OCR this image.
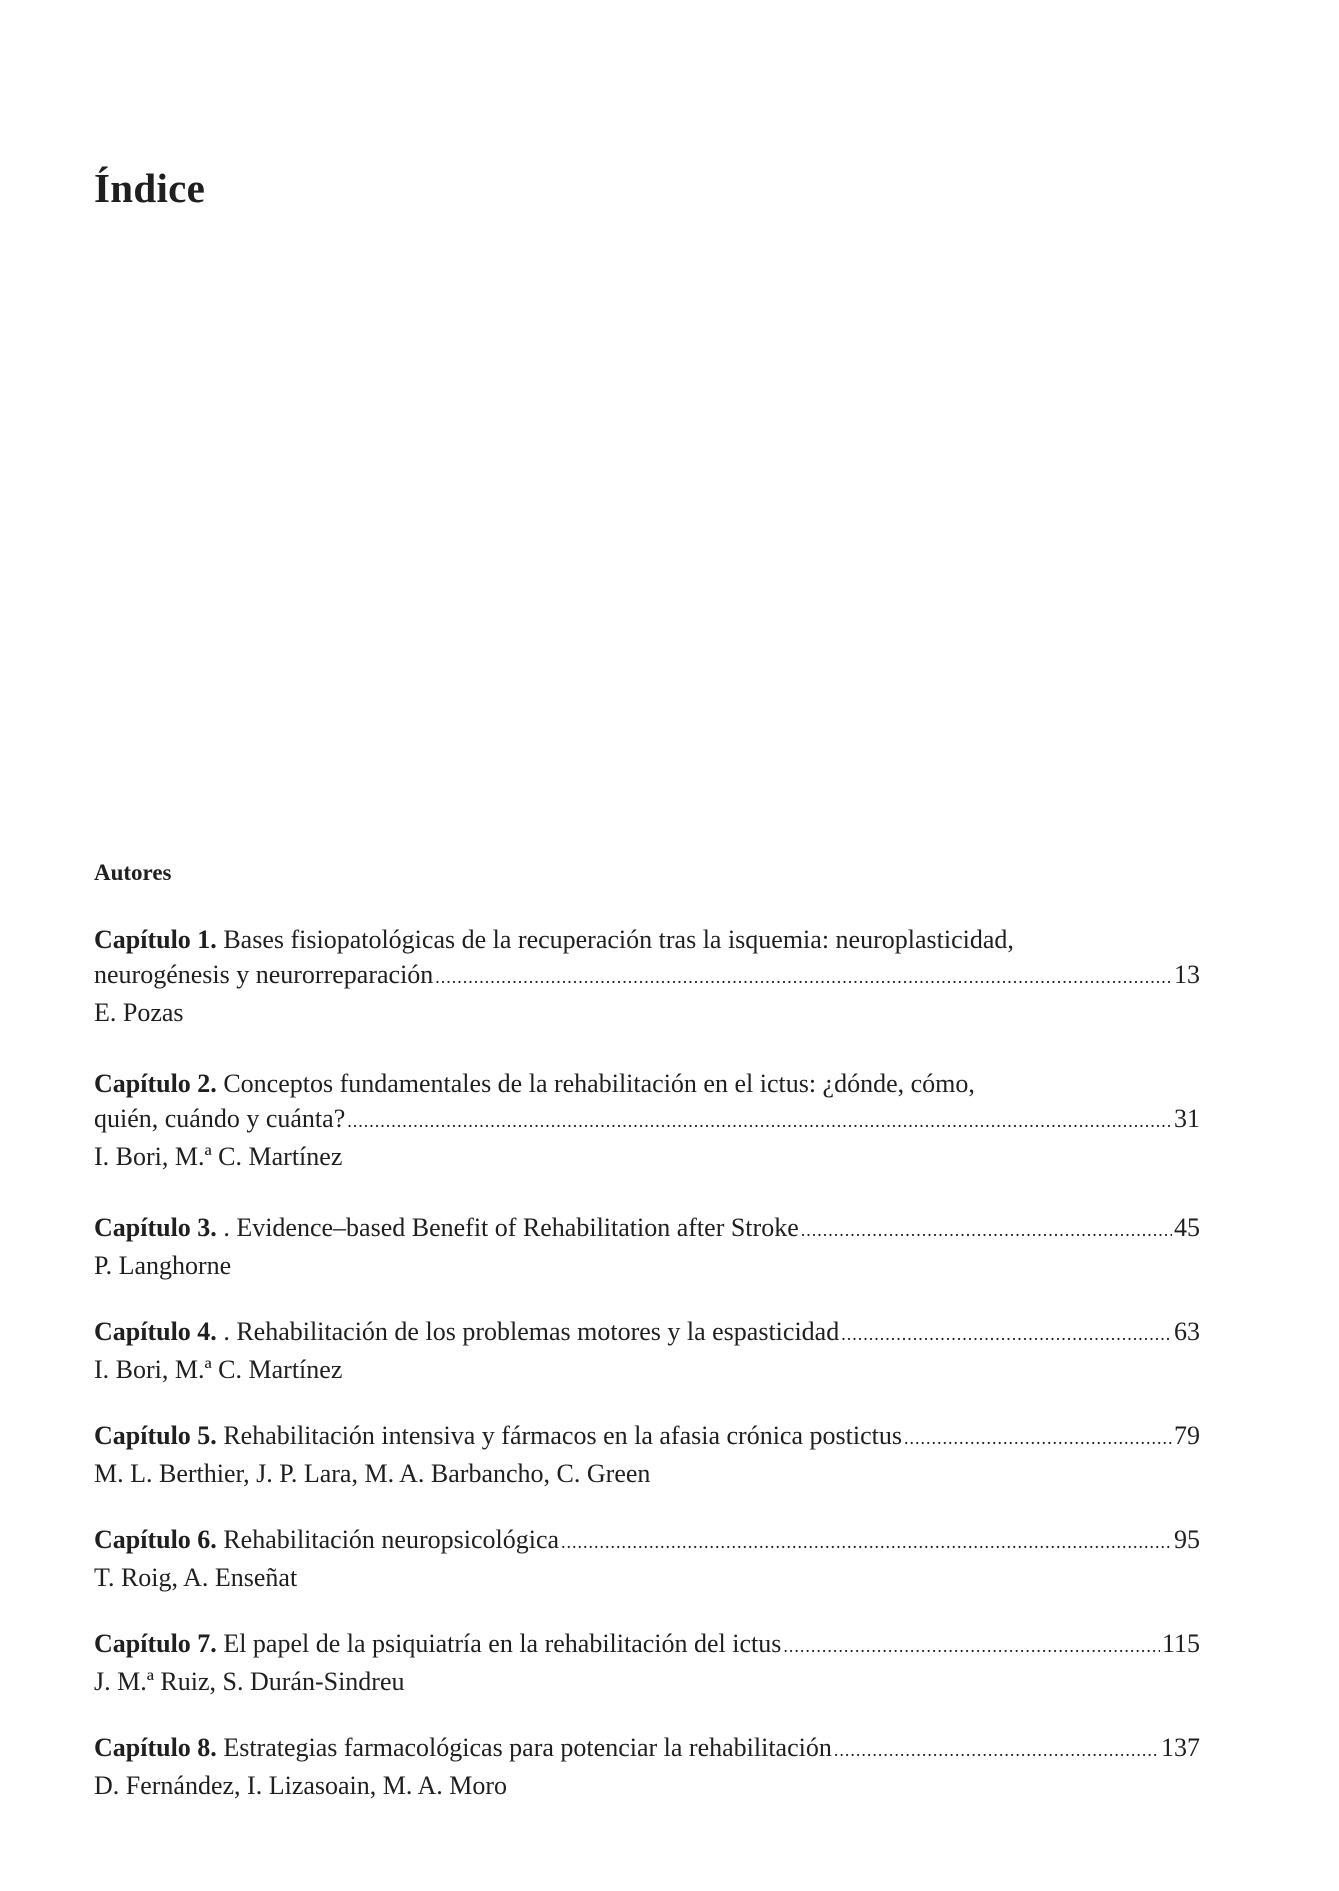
Índice
Autores
Capítulo 1. Bases fisiopatológicas de la recuperación tras la isquemia: neuroplasticidad,
neurogénesis y neurorreparación .....	13
E. Pozas
Capítulo 2. Conceptos fundamentales de la rehabilitación en el ictus: ¿dónde, cómo,
quién, cuándo y cuánta? .....	31
I. Bori, M.ª C. Martínez
Capítulo 3. . Evidence–based Benefit of Rehabilitation after Stroke .....	45
P. Langhorne
Capítulo 4. . Rehabilitación de los problemas motores y la espasticidad .....	63
I. Bori, M.ª C. Martínez
Capítulo 5. Rehabilitación intensiva y fármacos en la afasia crónica postictus .....	79
M. L. Berthier, J. P. Lara, M. A. Barbancho, C. Green
Capítulo 6. Rehabilitación neuropsicológica .....	95
T. Roig, A. Enseñat
Capítulo 7. El papel de la psiquiatría en la rehabilitación del ictus .....	115
J. M.ª Ruiz, S. Durán-Sindreu
Capítulo 8. Estrategias farmacológicas para potenciar la rehabilitación .....	137
D. Fernández, I. Lizasoain, M. A. Moro
